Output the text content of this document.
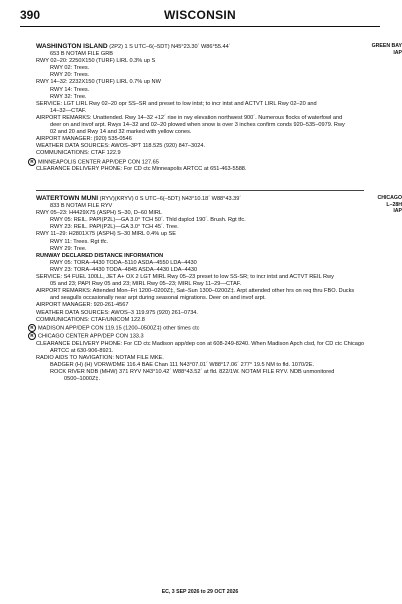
390	WISCONSIN
WASHINGTON ISLAND (2P2) 1 S UTC–6(–5DT) N45°23.30´ W86°55.44´	GREEN BAY
IAP
653 B NOTAM FILE GRB
RWY 02–20: 2250X150 (TURF) LIRL 0.3% up S
RWY 02: Trees.
RWY 20: Trees.
RWY 14–32: 2232X150 (TURF) LIRL 0.7% up NW
RWY 14: Trees.
RWY 32: Tree.
SERVICE: LGT LIRL Rwy 02–20 opr SS–SR and preset to low intst; to incr intst and ACTVT LIRL Rwy 02–20 and
14–32—CTAF.
AIRPORT REMARKS: Unattended. Rwy 14–32 +12´ rise in rwy elevation northwest 900´. Numerous flocks of waterfowl and
deer on and invof arpt. Rwys 14–32 and 02–20 plowed when snow is over 3 inches confirm conds 920–535–0979. Rwy
02 and 20 and Rwy 14 and 32 marked with yellow cones.
AIRPORT MANAGER: (920) 535-0546
WEATHER DATA SOURCES: AWOS–3PT 118.525 (920) 847–3024.
COMMUNICATIONS: CTAF 122.9
R MINNEAPOLIS CENTER APP/DEP CON 127.65
CLEARANCE DELIVERY PHONE: For CD ctc Minneapolis ARTCC at 651-463-5588.
WATERTOWN MUNI (RYV)(KRYV) 0 S UTC–6(–5DT) N43°10.18´ W88°43.39´	CHICAGO
L–28H
IAP
833 B NOTAM FILE RYV
RWY 05–23: H4429X75 (ASPH) S–30, D–60 MIRL
RWY 05: REIL. PAPI(P2L)—GA 3.0° TCH 50´. Thld dsplcd 190´. Brush. Rgt tfc.
RWY 23: REIL. PAPI(P2L)—GA 3.0° TCH 45´. Tree.
RWY 11–29: H2801X75 (ASPH) S–30 MIRL 0.4% up SE
RWY 11: Trees. Rgt tfc.
RWY 29: Tree.
RUNWAY DECLARED DISTANCE INFORMATION
RWY 05: TORA–4430 TODA–5110 ASDA–4550 LDA–4430
RWY 23: TORA–4430 TODA–4845 ASDA–4430 LDA–4430
SERVICE: S4 FUEL 100LL, JET A+ OX 2 LGT MIRL Rwy 05–23 preset to low SS-SR; to incr intst and ACTVT REIL Rwy
05 and 23; PAPI Rwy 05 and 23; MIRL Rwy 05–23; MIRL Rwy 11–29—CTAF.
AIRPORT REMARKS: Attended Mon–Fri 1200–0200Z‡, Sat–Sun 1300–0200Z‡. Arpt attended other hrs on req thru FBO. Ducks
and seagulls occasionally near arpt during seasonal migrations. Deer on and invof arpt.
AIRPORT MANAGER: 920-261-4567
WEATHER DATA SOURCES: AWOS–3 119.975 (920) 261–0734.
COMMUNICATIONS: CTAF/UNICOM 122.8
R MADISON APP/DEP CON 119.15 (1200–0500Z‡) other times ctc
R CHICAGO CENTER APP/DEP CON 133.3
CLEARANCE DELIVERY PHONE: For CD ctc Madison app/dep con at 608-249-8240. When Madison Apch clsd, for CD ctc Chicago
ARTCC at 630-906-8921.
RADIO AIDS TO NAVIGATION: NOTAM FILE MKE.
BADGER (H) (H) VORW/DME 116.4 BAE Chan 111 N43°07.01´ W88°17.06´ 277° 19.5 NM to fld. 1070/2E.
ROCK RIVER NDB (MHW) 371 RYV N43°10.42´ W88°43.52´ at fld. 822/1W. NOTAM FILE RYV. NDB unmonitored
0500–1000Z‡.
EC, 3 SEP 2026 to 29 OCT 2026
